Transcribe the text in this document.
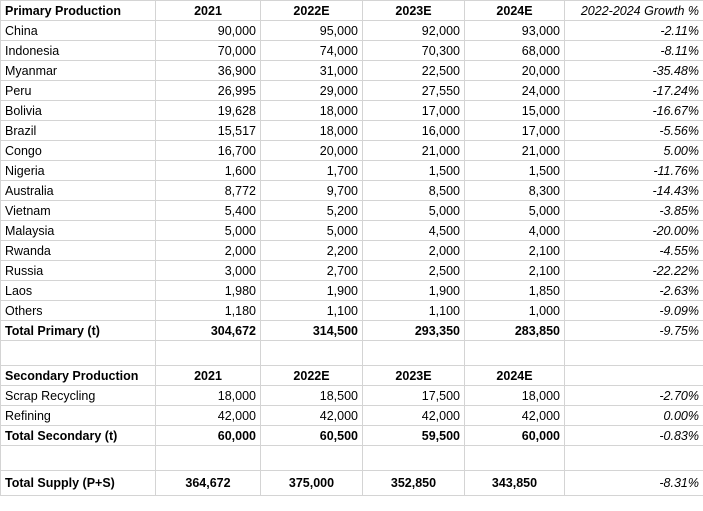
Primary Production	2021	2022E	2023E	2024E	2022-2024 Growth %
China	90,000	95,000	92,000	93,000	-2.11%
Indonesia	70,000	74,000	70,300	68,000	-8.11%
Myanmar	36,900	31,000	22,500	20,000	-35.48%
Peru	26,995	29,000	27,550	24,000	-17.24%
Bolivia	19,628	18,000	17,000	15,000	-16.67%
Brazil	15,517	18,000	16,000	17,000	-5.56%
Congo	16,700	20,000	21,000	21,000	5.00%
Nigeria	1,600	1,700	1,500	1,500	-11.76%
Australia	8,772	9,700	8,500	8,300	-14.43%
Vietnam	5,400	5,200	5,000	5,000	-3.85%
Malaysia	5,000	5,000	4,500	4,000	-20.00%
Rwanda	2,000	2,200	2,000	2,100	-4.55%
Russia	3,000	2,700	2,500	2,100	-22.22%
Laos	1,980	1,900	1,900	1,850	-2.63%
Others	1,180	1,100	1,100	1,000	-9.09%
Total Primary (t)	304,672	314,500	293,350	283,850	-9.75%

Secondary Production	2021	2022E	2023E	2024E	
Scrap Recycling	18,000	18,500	17,500	18,000	-2.70%
Refining	42,000	42,000	42,000	42,000	0.00%
Total Secondary (t)	60,000	60,500	59,500	60,000	-0.83%

Total Supply (P+S)	364,672	375,000	352,850	343,850	-8.31%
